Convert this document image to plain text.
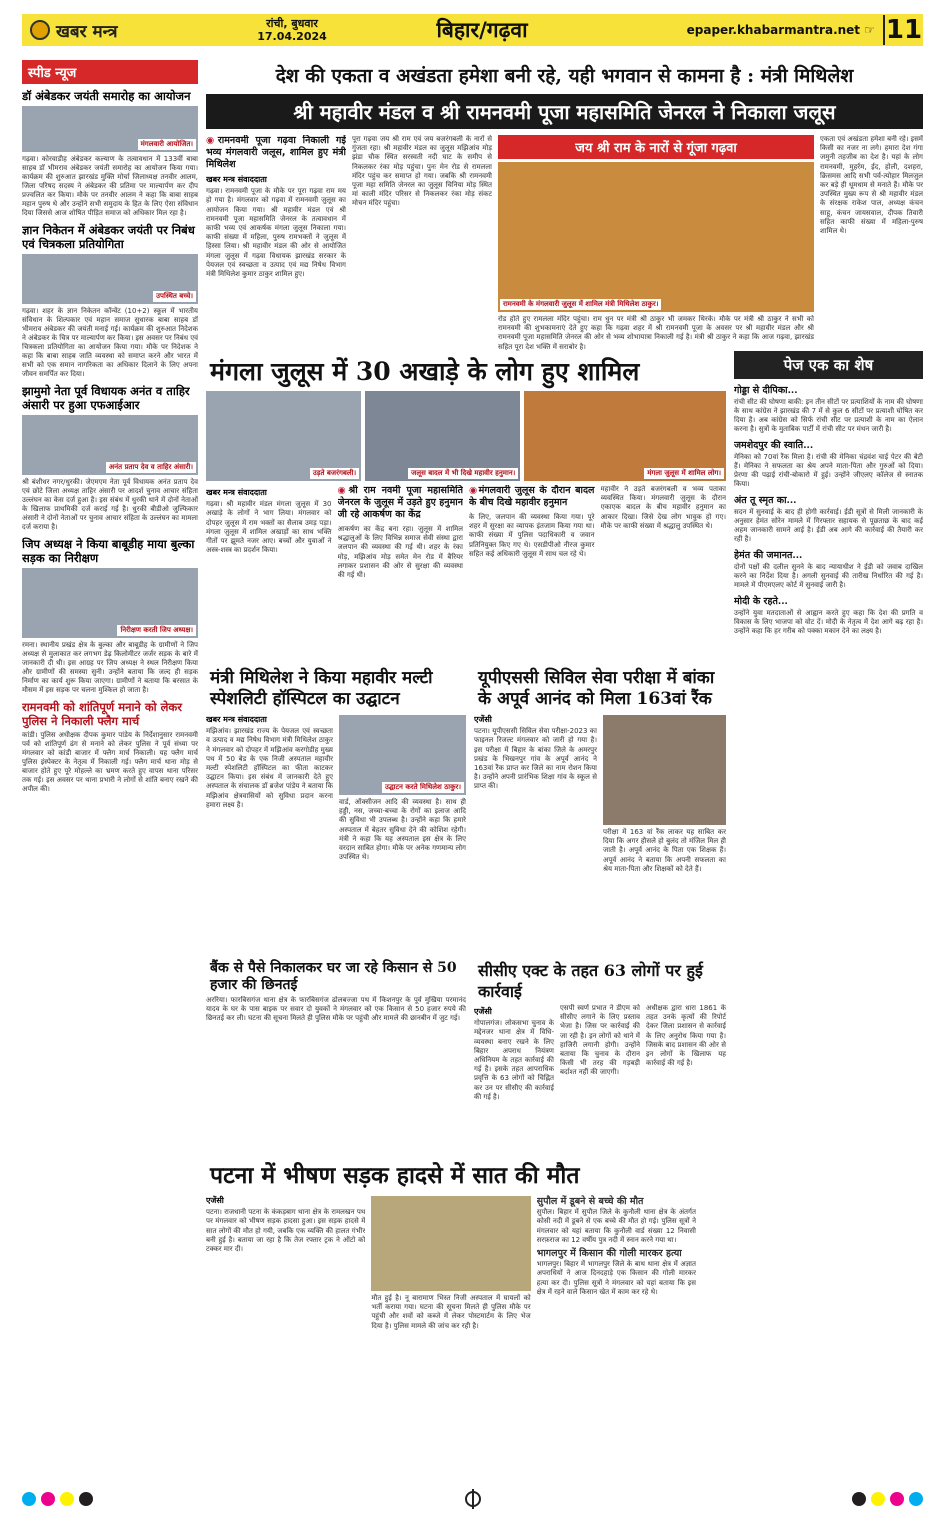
खबर मन्त्र	रांची, बुधवार
17.04.2024	बिहार/गढ़वा	epaper.khabarmantra.net ☞ 11
स्पीड न्यूज
डॉ अंबेडकर जयंती समारोह का आयोजन
मंगलवारी आयोजित।
गढ़वा। कोरवाडीह अंबेडकर कल्याण के तत्वावधान में 133वीं बाबा साहब डॉ भीमराव अंबेडकर जयंती समारोह का आयोजन किया गया। कार्यक्रम की शुरुआत झारखंड मुक्ति मोर्चा जिलाध्यक्ष तनवीर आलम, जिला परिषद सदस्य ने अंबेडकर की प्रतिमा पर माल्यार्पण कर दीप प्रज्वलित कर किया। मौके पर तनवीर आलम ने कहा कि बाबा साहब महान पुरुष थे और उन्होंने सभी समुदाय के हित के लिए ऐसा संविधान दिया जिससे आज शोषित पीड़ित समाज को अधिकार मिल रहा है।
ज्ञान निकेतन में अंबेडकर जयंती पर निबंध एवं चित्रकला प्रतियोगिता
उपस्थित बच्चे।
गढ़वा। शहर के ज्ञान निकेतन कॉन्वेंट (10+2) स्कूल में भारतीय संविधान के शिल्पकार एवं महान समाज सुधारक बाबा साहब डॉ भीमराव अंबेडकर की जयंती मनाई गई। कार्यक्रम की शुरुआत निदेशक ने अंबेडकर के चित्र पर माल्यार्पण कर किया। इस अवसर पर निबंध एवं चित्रकला प्रतियोगिता का आयोजन किया गया। मौके पर निदेशक ने कहा कि बाबा साहब जाति व्यवस्था को समाप्त करने और भारत में सभी को एक समान नागरिकता का अधिकार दिलाने के लिए अपना जीवन समर्पित कर दिया।
झामुमो नेता पूर्व विधायक अनंत व ताहिर अंसारी पर हुआ एफआईआर
अनंत प्रताप देव व ताहिर अंसारी।
श्री बंशीधर नगर/धुरकी। जेएमएम नेता पूर्व विधायक अनंत प्रताप देव एवं छोटे जिला अध्यक्ष ताहिर अंसारी पर आदर्श चुनाव आचार संहिता उल्लंघन का केस दर्ज हुआ है। इस संबंध में धुरकी थाने में दोनों नेताओं के खिलाफ प्राथमिकी दर्ज कराई गई है। धुरकी बीडीओ जुल्फिकार अंसारी ने दोनों नेताओं पर चुनाव आचार संहिता के उल्लंघन का मामला दर्ज कराया है।
जिप अध्यक्ष ने किया बाबूडीह माया बुल्का सड़क का निरीक्षण
निरीक्षण करती जिप अध्यक्ष।
रमना। स्थानीय प्रखंड क्षेत्र के बुल्का और बाबूडीह के ग्रामीणों ने जिप अध्यक्ष से मुलाकात कर लगभग डेढ़ किलोमीटर जर्जर सड़क के बारे में जानकारी दी थी। इस आग्रह पर जिप अध्यक्ष ने स्थल निरीक्षण किया और ग्रामीणों की समस्या सुनी। उन्होंने बताया कि जल्द ही सड़क निर्माण का कार्य शुरू किया जाएगा। ग्रामीणों ने बताया कि बरसात के मौसम में इस सड़क पर चलना मुश्किल हो जाता है।
रामनवमी को शांतिपूर्ण मनाने को लेकर पुलिस ने निकाली फ्लैग मार्च
कांडी। पुलिस अधीक्षक दीपक कुमार पांडेय के निर्देशानुसार रामनवमी पर्व को शांतिपूर्ण ढंग से मनाने को लेकर पुलिस ने पूर्व संध्या पर मंगलवार को कांडी बाजार में फ्लैग मार्च निकाली। यह फ्लैग मार्च पुलिस इंस्पेक्टर के नेतृत्व में निकाली गई। फ्लैग मार्च थाना मोड़ से बाजार होते हुए पूरे मोहल्ले का भ्रमण करते हुए वापस थाना परिसर तक गई। इस अवसर पर थाना प्रभारी ने लोगों से शांति बनाए रखने की अपील की।
देश की एकता व अखंडता हमेशा बनी रहे, यही भगवान से कामना है : मंत्री मिथिलेश
श्री महावीर मंडल व श्री रामनवमी पूजा महासमिति जेनरल ने निकाला जलूस
◉ रामनवमी पूजा गढ़वा निकाली गई भव्य मंगलवारी जलूस, शामिल हुए मंत्री मिथिलेश
खबर मन्त्र संवाददाता
गढ़वा। रामनवमी पूजा के मौके पर पूरा गढ़वा राम मय हो गया है। मंगलवार को गढ़वा में रामनवमी जुलूस का आयोजन किया गया। श्री महावीर मंडल एवं श्री रामनवमी पूजा महासमिति जेनरल के तत्वावधान में काफी भव्य एवं आकर्षक मंगला जुलूस निकाला गया। काफी संख्या में महिला, पुरुष रामभक्तों ने जुलूस में हिस्सा लिया। श्री महावीर मंडल की ओर से आयोजित मंगला जुलूस में गढ़वा विधायक झारखंड सरकार के पेयजल एवं स्वच्छता व उत्पाद एवं मद्य निषेध विभाग मंत्री मिथिलेश कुमार ठाकुर शामिल हुए।
पूरा गढ़वा जय श्री राम एवं जय बजरंगबली के नारों से गुंजता रहा। श्री महावीर मंडल का जुलूस मझिआंव मोड़ झंडा चौक स्थित सरस्वती नदी घाट के समीप से निकलकर रंका मोड़ पहुंचा। पुनः मेन रोड से रामलला मंदिर पहुंच कर समाप्त हो गया। जबकि श्री रामनवमी पूजा महा समिति जेनरल का जुलूस चिनिया मोड़ स्थित मां काली मंदिर परिसर से निकलकर रंका मोड़ संकट मोचन मंदिर पहुंचा।
जय श्री राम के नारों से गूंजा गढ़वा
रामनवमी के मंगलवारी जुलूस में शामिल मंत्री मिथिलेश ठाकुर।
रोड होते हुए रामलला मंदिर पहुंचा। राम धुन पर मंत्री श्री ठाकुर भी जमकर थिरके। मौके पर मंत्री श्री ठाकुर ने सभी को रामनवमी की शुभकामनाएं देते हुए कहा कि गढ़वा शहर में श्री रामनवमी पूजा के अवसर पर श्री महावीर मंडल और श्री रामनवमी पूजा महासमिति जेनरल की ओर से भव्य शोभायात्रा निकाली गई है। मंत्री श्री ठाकुर ने कहा कि आज गढ़वा, झारखंड सहित पूरा देश भक्ति में सराबोर है।
एकता एवं अखंडता हमेशा बनी रहे। इसमें किसी का नजर ना लगे। हमारा देश गंगा जमुनी तहजीब का देश है। यहां के लोग रामनवमी, मुहर्रम, ईद, होली, दशहरा, क्रिसमस आदि सभी पर्व-त्योहार मिलजुल कर बड़े ही धूमधाम से मनाते हैं। मौके पर उपस्थित मुख्य रूप से श्री महावीर मंडल के संरक्षक राकेश पाल, अध्यक्ष कंचन साहू, कंचन जायसवाल, दीपक तिवारी सहित काफी संख्या में महिला-पुरुष शामिल थे।
मंगला जुलूस में 30 अखाड़े के लोग हुए शामिल
उड़ते बजरंगबली।	जलूस बादल में भी दिखे महावीर हनुमान।	मंगला जुलूस में शामिल लोग।
खबर मन्त्र संवाददाता
गढ़वा। श्री महावीर मंडल मंगला जुलूस में 30 अखाड़े के लोगों ने भाग लिया। मंगलवार को दोपहर जुलूस में राम भक्तों का सैलाब उमड़ पड़ा। मंगला जुलूस में शामिल अखाड़ों का साथ भक्ति गीतों पर झूमते नजर आए। बच्चों और युवाओं ने अस्त्र-शस्त्र का प्रदर्शन किया।
◉ श्री राम नवमी पूजा महासमिति जेनरल के जुलूस में उड़ते हुए हनुमान जी रहे आकर्षण का केंद्र
आकर्षण का केंद्र बना रहा। जुलूस में शामिल श्रद्धालुओं के लिए विभिन्न समाज सेवी संस्था द्वारा जलपान की व्यवस्था की गई थी। शहर के रंका मोड़, मझिआंव मोड़ समेत मेन रोड में बैरियर लगाकर प्रशासन की ओर से सुरक्षा की व्यवस्था की गई थी।
◉ मंगलवारी जुलूस के दौरान बादल के बीच दिखे महावीर हनुमान
के लिए, जलपान की व्यवस्था किया गया। पूरे शहर में सुरक्षा का व्यापक इंतजाम किया गया था। काफी संख्या में पुलिस पदाधिकारी व जवान प्रतिनियुक्त किए गए थे। एसडीपीओ नीरज कुमार सहित कई अधिकारी जुलूस में साथ चल रहे थे।
महावीर ने उड़ते बजरंगबली व भव्य पताका व्यवस्थित किया। मंगलवारी जुलूस के दौरान एकाएक बादल के बीच महावीर हनुमान का आकार दिखा। जिसे देख लोग भावुक हो गए। मौके पर काफी संख्या में श्रद्धालु उपस्थित थे।
मंत्री मिथिलेश ने किया महावीर मल्टी स्पेशलिटी हॉस्पिटल का उद्घाटन
खबर मन्त्र संवाददाता
मझिआंव। झारखंड राज्य के पेयजल एवं स्वच्छता व उत्पाद व मद्य निषेध विभाग मंत्री मिथिलेश ठाकुर ने मंगलवार को दोपहर में मझिआंव करगोडीह मुख्य पथ में 50 बेड के एक निजी अस्पताल महावीर मल्टी स्पेशलिटी हॉस्पिटल का फीता काटकर उद्घाटन किया। इस संबंध में जानकारी देते हुए अस्पताल के संचालक डॉ ब्रजेश पांडेय ने बताया कि मझिआंव क्षेत्रवासियों को सुविधा प्रदान करना हमारा लक्ष्य है।
उद्घाटन करते मिथिलेश ठाकुर।
वार्ड, ऑक्सीजन आदि की व्यवस्था है। साथ ही हड्डी, नस, जच्चा-बच्चा के रोगों का इलाज आदि की सुविधा भी उपलब्ध है। उन्होंने कहा कि हमारे अस्पताल में बेहतर सुविधा देने की कोशिश रहेगी। मंत्री ने कहा कि यह अस्पताल इस क्षेत्र के लिए वरदान साबित होगा। मौके पर अनेक गणमान्य लोग उपस्थित थे।
बैंक से पैसे निकालकर घर जा रहे किसान से 50 हजार की छिनतई
अररिया। फारबिसगंज थाना क्षेत्र के फारबिसगंज ढोलबज्जा पथ में किशनपुर के पूर्व मुखिया परमानंद यादव के घर के पास बाइक पर सवार दो युवकों ने मंगलवार को एक किसान से 50 हजार रुपये की छिनतई कर ली। घटना की सूचना मिलते ही पुलिस मौके पर पहुंची और मामले की छानबीन में जुट गई।
यूपीएससी सिविल सेवा परीक्षा में बांका के अपूर्व आनंद को मिला 163वां रैंक
एजेंसी
पटना। यूपीएससी सिविल सेवा परीक्षा-2023 का फाइनल रिजल्ट मंगलवार को जारी हो गया है। इस परीक्षा में बिहार के बांका जिले के अमरपुर प्रखंड के भिखनपुर गांव के अपूर्व आनंद ने 163वां रैंक प्राप्त कर जिले का नाम रोशन किया है। उन्होंने अपनी प्रारंभिक शिक्षा गांव के स्कूल से प्राप्त की।
परीक्षा में 163 वां रैंक लाकर यह साबित कर दिया कि अगर हौसले हो बुलंद तो मंजिल मिल ही जाती है। अपूर्व आनंद के पिता एक शिक्षक हैं। अपूर्व आनंद ने बताया कि अपनी सफलता का श्रेय माता-पिता और शिक्षकों को देते हैं।
सीसीए एक्ट के तहत 63 लोगों पर हुई कार्रवाई
एजेंसी
गोपालगंज। लोकसभा चुनाव के मद्देनजर थाना क्षेत्र में विधि-व्यवस्था बनाए रखने के लिए बिहार अपराध नियंत्रण अधिनियम के तहत कार्रवाई की गई है। इसके तहत आपराधिक प्रवृत्ति के 63 लोगों को चिह्नित कर उन पर सीसीए की कार्रवाई की गई है।
एसपी स्वर्ण प्रभात ने डीएम को सीसीए लगाने के लिए प्रस्ताव भेजा है। जिस पर कार्रवाई की जा रही है। इन लोगों को थाने में हाजिरी लगानी होगी। उन्होंने बताया कि चुनाव के दौरान किसी भी तरह की गड़बड़ी बर्दाश्त नहीं की जाएगी।
अधीक्षक द्वारा धारा 1861 के तहत उनके कृत्यों की रिपोर्ट देकर जिला प्रशासन से कार्रवाई के लिए अनुरोध किया गया है। जिसके बाद प्रशासन की ओर से इन लोगों के खिलाफ यह कार्रवाई की गई है।
पेज एक का शेष
गोड्डा से दीपिका...
रांची सीट की घोषणा बाकी: इन तीन सीटों पर प्रत्याशियों के नाम की घोषणा के साथ कांग्रेस ने झारखंड की 7 में से कुल 6 सीटों पर प्रत्याशी घोषित कर दिया है। अब कांग्रेस को सिर्फ रांची सीट पर प्रत्याशी के नाम का ऐलान करना है। सुत्रों के मुताबिक पार्टी में रांची सीट पर मंथन जारी है।
जमशेदपुर की स्वाति...
मेनिका को 70वां रैंक मिला है। रांची की मेनिका चंद्रवंश चाई पेटर की बेटी हैं। मेनिका ने सफलता का श्रेय अपने माता-पिता और गुरुओं को दिया। प्रेरणा की पढ़ाई रांची-बोकारो में हुई। उन्होंने जीएलए कॉलेज से स्नातक किया।
अंत तू स्मृत का...
सदन में सुनवाई के बाद ही होगी कार्रवाई। ईडी सूत्रों से मिली जानकारी के अनुसार हेमंत सोरेन मामले में गिरफ्तार सहायक से पूछताछ के बाद कई अहम जानकारी सामने आई है। ईडी अब आगे की कार्रवाई की तैयारी कर रही है।
हेमंत की जमानत...
दोनों पक्षों की दलील सुनने के बाद न्यायाधीश ने ईडी को जवाब दाखिल करने का निर्देश दिया है। अगली सुनवाई की तारीख निर्धारित की गई है। मामले में पीएमएलए कोर्ट में सुनवाई जारी है।
मोदी के रहते...
उन्होंने युवा मतदाताओं से आह्वान करते हुए कहा कि देश की प्रगति व विकास के लिए भाजपा को वोट दें। मोदी के नेतृत्व में देश आगे बढ़ रहा है। उन्होंने कहा कि हर गरीब को पक्का मकान देने का लक्ष्य है।
पटना में भीषण सड़क हादसे में सात की मौत
एजेंसी
पटना। राजधानी पटना के कंकड़बाग थाना क्षेत्र के रामलखन पथ पर मंगलवार को भीषण सड़क हादसा हुआ। इस सड़क हादसे में सात लोगों की मौत हो गयी, जबकि एक व्यक्ति की हालत गंभीर बनी हुई है। बताया जा रहा है कि तेज रफ्तार ट्रक ने ऑटो को टक्कर मार दी।
मौत हुई है। नू बारामाण भिस्त निजी अस्पताल में घायलों को भर्ती कराया गया। घटना की सूचना मिलते ही पुलिस मौके पर पहुंची और शवों को कब्जे में लेकर पोस्टमार्टम के लिए भेज दिया है। पुलिस मामले की जांच कर रही है।
सुपौल में डूबने से बच्चे की मौत
सुपौल। बिहार में सुपौल जिले के कुनौली थाना क्षेत्र के अंतर्गत कोसी नदी में डूबने से एक बच्चे की मौत हो गई। पुलिस सूत्रों ने मंगलवार को यहां बताया कि कुनौली वार्ड संख्या 12 निवासी सरफ़राज का 12 वर्षीय पुत्र नदी में स्नान करने गया था।
भागलपुर में किसान की गोली मारकर हत्या
भागलपुर। बिहार में भागलपुर जिले के बाथ थाना क्षेत्र में अज्ञात अपराधियों ने आज दिनदहाड़े एक किसान की गोली मारकर हत्या कर दी। पुलिस सूत्रों ने मंगलवार को यहां बताया कि इस क्षेत्र में रहने वाले किसान खेत में काम कर रहे थे।
